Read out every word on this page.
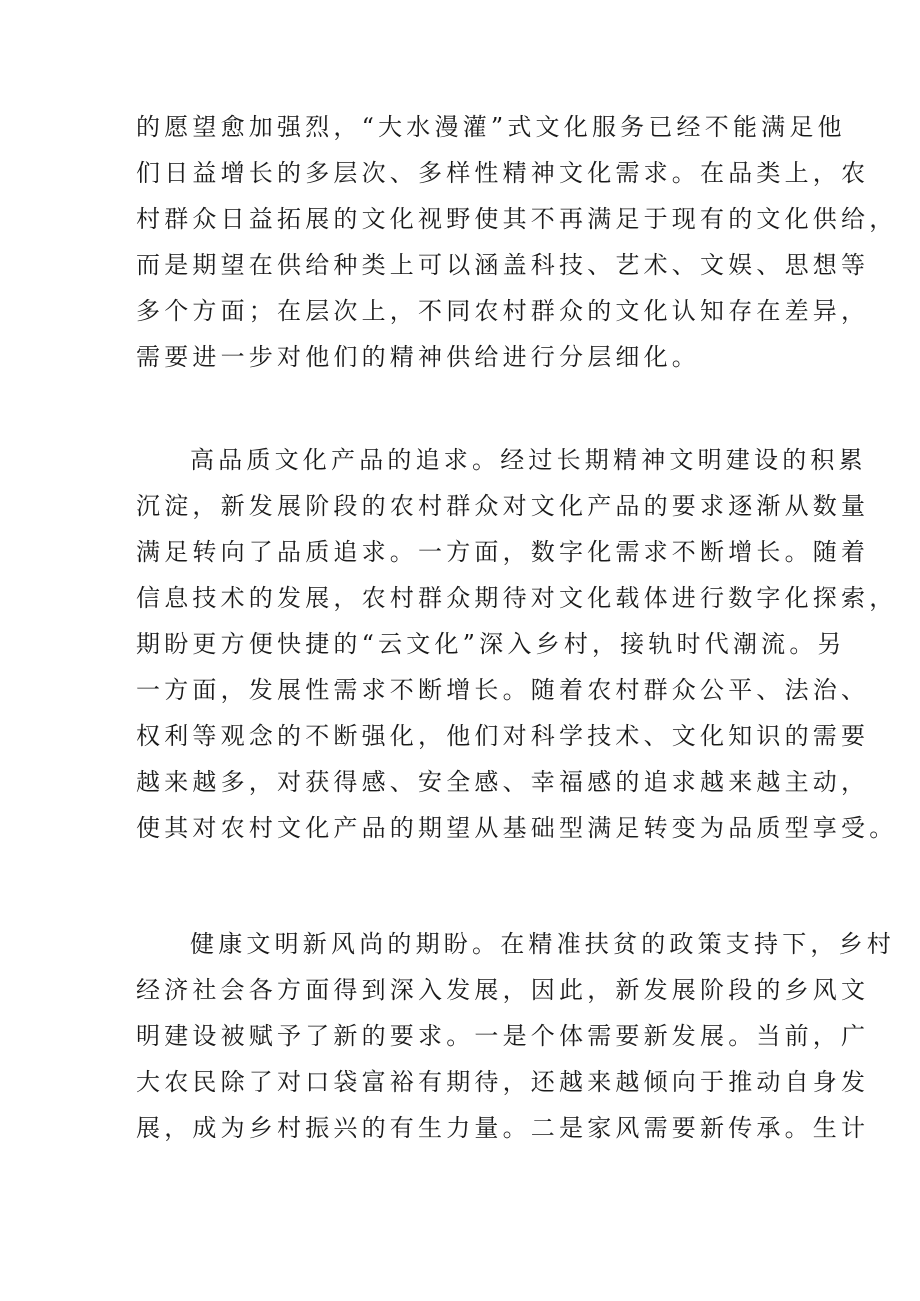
的愿望愈加强烈，“大水漫灌”式文化服务已经不能满足他
们日益增长的多层次、多样性精神文化需求。在品类上，农
村群众日益拓展的文化视野使其不再满足于现有的文化供给，
而是期望在供给种类上可以涵盖科技、艺术、文娱、思想等
多个方面；在层次上，不同农村群众的文化认知存在差异，
需要进一步对他们的精神供给进行分层细化。
高品质文化产品的追求。经过长期精神文明建设的积累
沉淀，新发展阶段的农村群众对文化产品的要求逐渐从数量
满足转向了品质追求。一方面，数字化需求不断增长。随着
信息技术的发展，农村群众期待对文化载体进行数字化探索，
期盼更方便快捷的“云文化”深入乡村，接轨时代潮流。另
一方面，发展性需求不断增长。随着农村群众公平、法治、
权利等观念的不断强化，他们对科学技术、文化知识的需要
越来越多，对获得感、安全感、幸福感的追求越来越主动，
使其对农村文化产品的期望从基础型满足转变为品质型享受。
健康文明新风尚的期盼。在精准扶贫的政策支持下，乡村
经济社会各方面得到深入发展，因此，新发展阶段的乡风文
明建设被赋予了新的要求。一是个体需要新发展。当前，广
大农民除了对口袋富裕有期待，还越来越倾向于推动自身发
展，成为乡村振兴的有生力量。二是家风需要新传承。生计
